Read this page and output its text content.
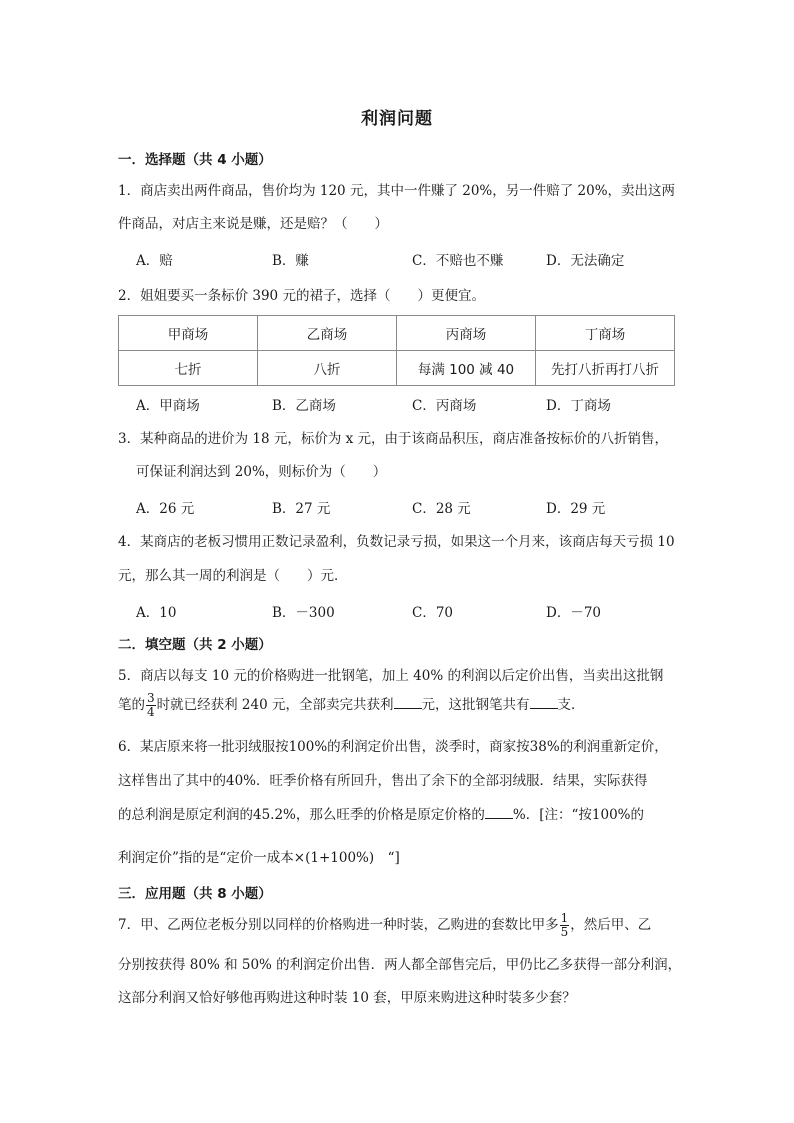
利润问题
一．选择题（共 4 小题）
1．商店卖出两件商品，售价均为 120 元，其中一件赚了 20%，另一件赔了 20%，卖出这两
件商品，对店主来说是赚，还是赔？（　　）
A．赔	B．赚	C．不赔也不赚	D．无法确定
2．姐姐要买一条标价 390 元的裙子，选择（　　）更便宜。
甲商场	乙商场	丙商场	丁商场
七折	八折	每满 100 减 40	先打八折再打八折
A．甲商场	B．乙商场	C．丙商场	D．丁商场
3．某种商品的进价为 18 元，标价为 x 元，由于该商品积压，商店准备按标价的八折销售，
可保证利润达到 20%，则标价为（　　）
A．26 元	B．27 元	C．28 元	D．29 元
4．某商店的老板习惯用正数记录盈利，负数记录亏损，如果这一个月来，该商店每天亏损 10
元，那么其一周的利润是（　　）元．
A．10	B．－300	C．70	D．－70
二．填空题（共 2 小题）
5．商店以每支 10 元的价格购进一批钢笔，加上 40% 的利润以后定价出售，当卖出这批钢
笔的 $\frac{3}{4}$ 时就已经获利 240 元，全部卖完共获利 元，这批钢笔共有 支．
6．某店原来将一批羽绒服按100%的利润定价出售，淡季时，商家按38%的利润重新定价，
这样售出了其中的40%．旺季价格有所回升，售出了余下的全部羽绒服．结果，实际获得
的总利润是原定利润的45.2%，那么旺季的价格是原定价格的 %．[注：“按100%的
利润定价”指的是“定价一成本×(1+100%)　“]
三．应用题（共 8 小题）
7．甲、乙两位老板分别以同样的价格购进一种时装，乙购进的套数比甲多 $\frac{1}{5}$ ，然后甲、乙
分别按获得 80% 和 50% 的利润定价出售．两人都全部售完后，甲仍比乙多获得一部分利润，
这部分利润又恰好够他再购进这种时装 10 套，甲原来购进这种时装多少套？
